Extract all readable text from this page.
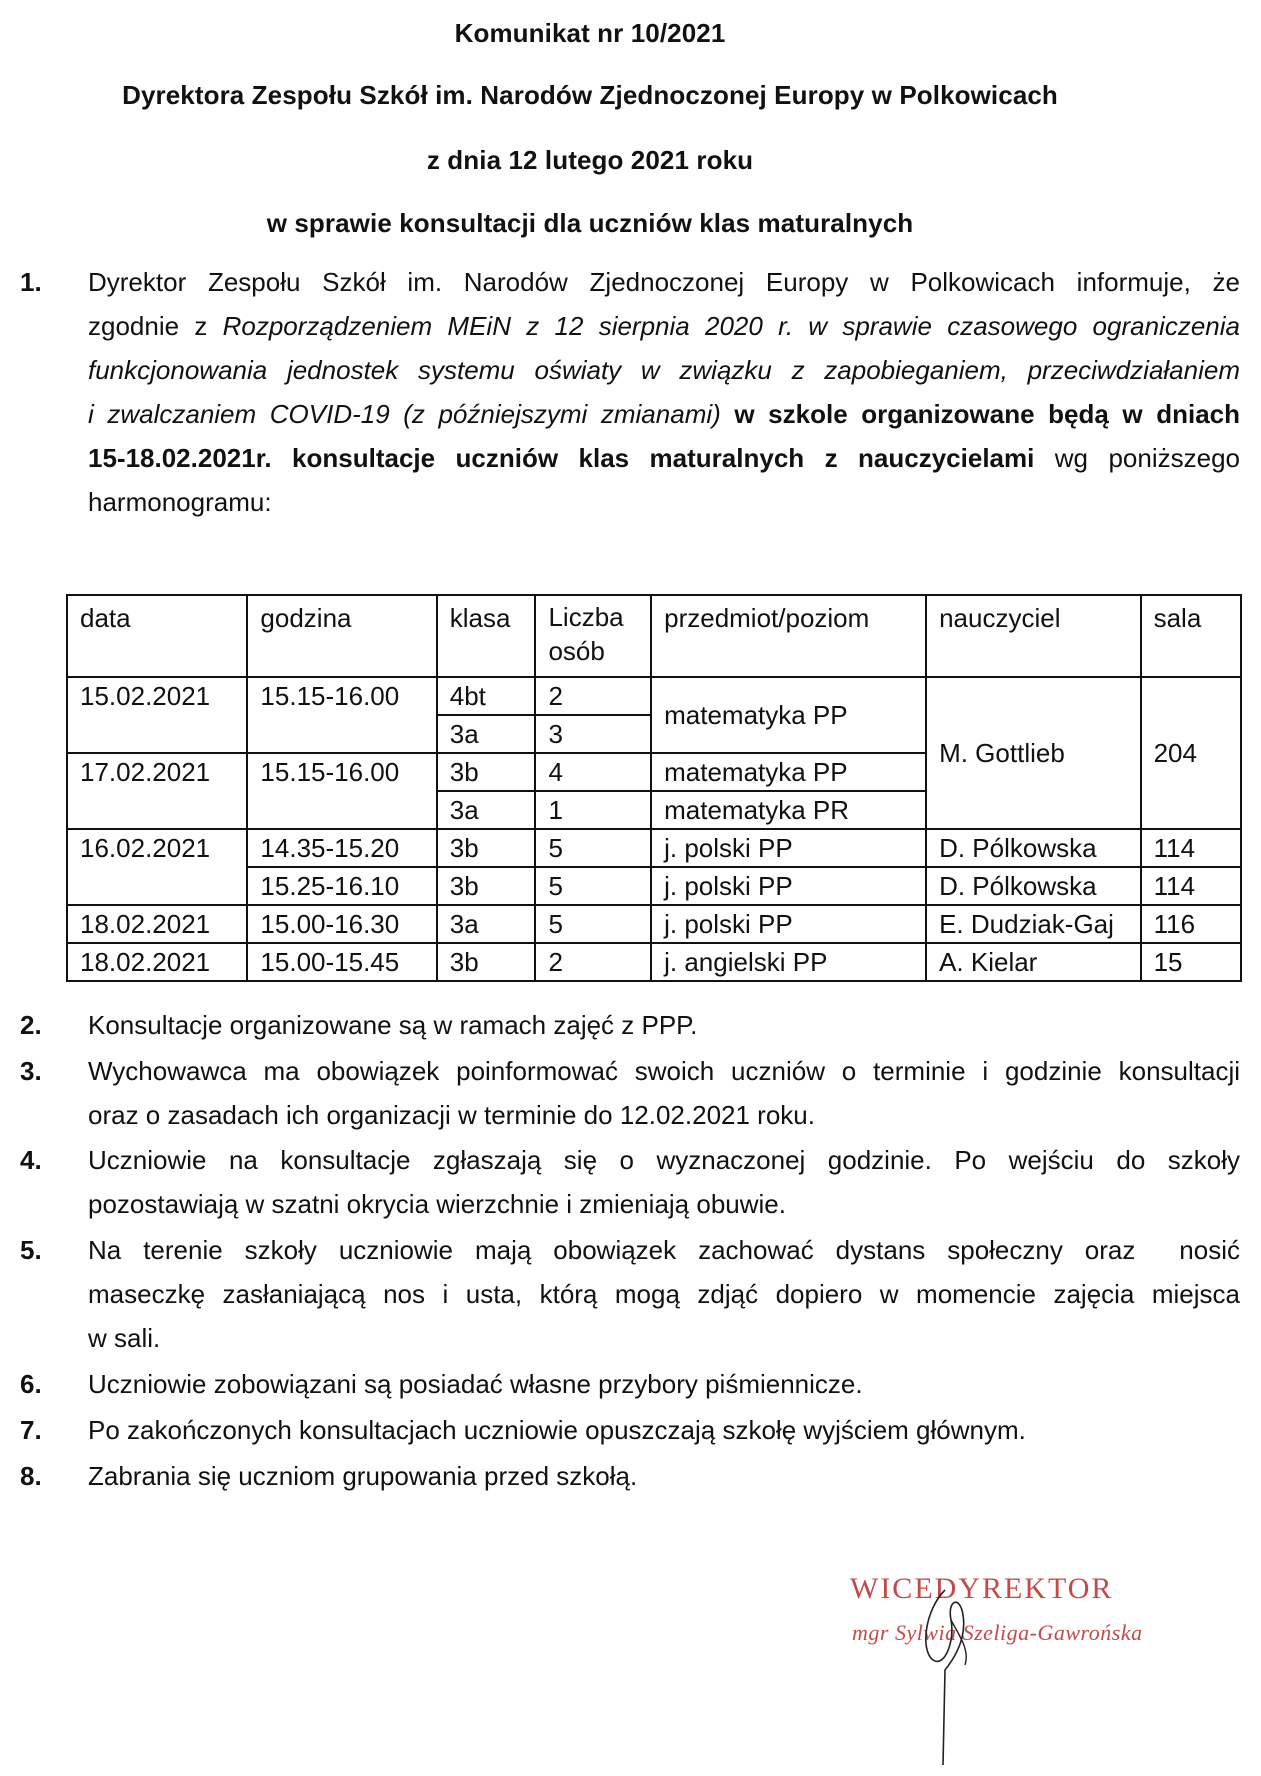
Komunikat nr 10/2021
Dyrektora Zespołu Szkół im. Narodów Zjednoczonej Europy w Polkowicach
z dnia 12 lutego 2021 roku
w sprawie konsultacji dla uczniów klas maturalnych
1.	Dyrektor Zespołu Szkół im. Narodów Zjednoczonej Europy w Polkowicach informuje, że
zgodnie z Rozporządzeniem MEiN z 12 sierpnia 2020 r. w sprawie czasowego ograniczenia
funkcjonowania jednostek systemu oświaty w związku z zapobieganiem, przeciwdziałaniem
i zwalczaniem COVID-19 (z późniejszymi zmianami) w szkole organizowane będą w dniach
15-18.02.2021r. konsultacje uczniów klas maturalnych z nauczycielami wg poniższego
harmonogramu:
data	godzina	klasa	Liczba osób	przedmiot/poziom	nauczyciel	sala
15.02.2021	15.15-16.00	4bt	2	matematyka PP	M. Gottlieb	204
		3a	3			
17.02.2021	15.15-16.00	3b	4	matematyka PP		
		3a	1	matematyka PR		
16.02.2021	14.35-15.20	3b	5	j. polski PP	D. Pólkowska	114
	15.25-16.10	3b	5	j. polski PP	D. Pólkowska	114
18.02.2021	15.00-16.30	3a	5	j. polski PP	E. Dudziak-Gaj	116
18.02.2021	15.00-15.45	3b	2	j. angielski PP	A. Kielar	15
2.	Konsultacje organizowane są w ramach zajęć z PPP.
3.	Wychowawca ma obowiązek poinformować swoich uczniów o terminie i godzinie konsultacji
oraz o zasadach ich organizacji w terminie do 12.02.2021 roku.
4.	Uczniowie na konsultacje zgłaszają się o wyznaczonej godzinie. Po wejściu do szkoły
pozostawiają w szatni okrycia wierzchnie i zmieniają obuwie.
5.	Na terenie szkoły uczniowie mają obowiązek zachować dystans społeczny oraz  nosić
maseczkę zasłaniającą nos i usta, którą mogą zdjąć dopiero w momencie zajęcia miejsca
w sali.
6.	Uczniowie zobowiązani są posiadać własne przybory piśmiennicze.
7.	Po zakończonych konsultacjach uczniowie opuszczają szkołę wyjściem głównym.
8.	Zabrania się uczniom grupowania przed szkołą.
WICEDYREKTOR
mgr Sylwia Szeliga-Gawrońska
